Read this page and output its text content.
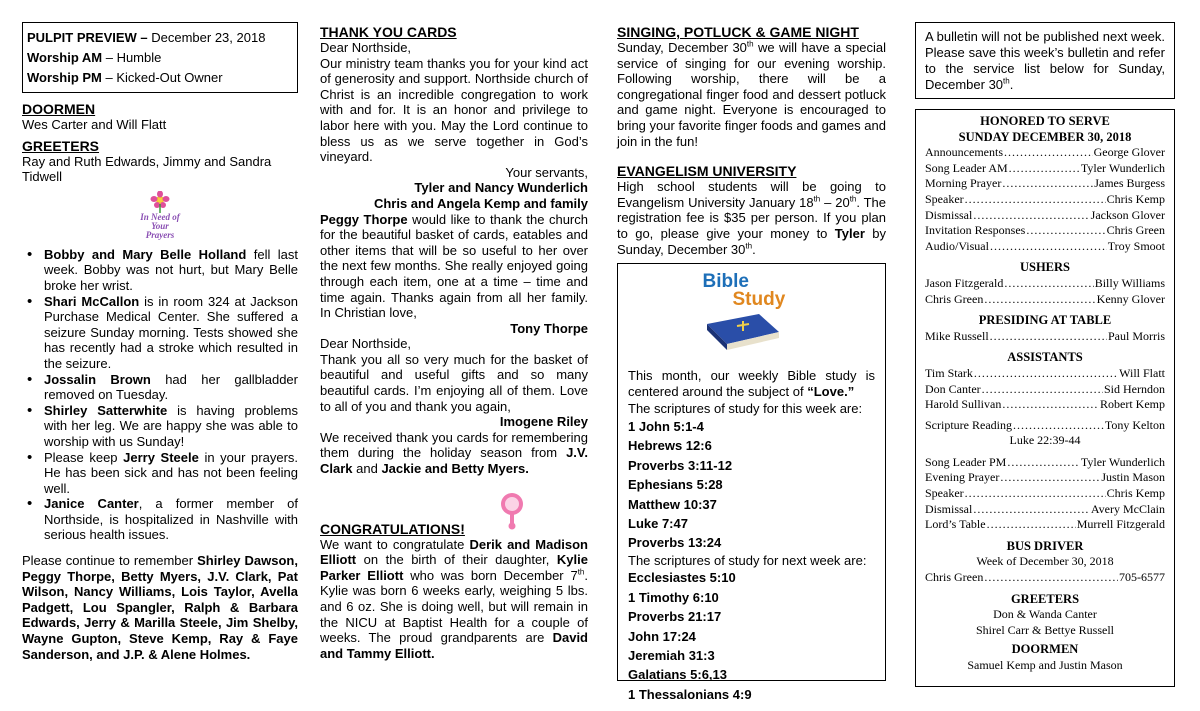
PULPIT PREVIEW – December 23, 2018
Worship AM – Humble
Worship PM – Kicked-Out Owner
DOORMEN
Wes Carter and Will Flatt
GREETERS
Ray and Ruth Edwards, Jimmy and Sandra Tidwell
In Need of Your Prayers
• Bobby and Mary Belle Holland fell last week. Bobby was not hurt, but Mary Belle broke her wrist.
• Shari McCallon is in room 324 at Jackson Purchase Medical Center. She suffered a seizure Sunday morning. Tests showed she has recently had a stroke which resulted in the seizure.
• Jossalin Brown had her gallbladder removed on Tuesday.
• Shirley Satterwhite is having problems with her leg. We are happy she was able to worship with us Sunday!
• Please keep Jerry Steele in your prayers. He has been sick and has not been feeling well.
• Janice Canter, a former member of Northside, is hospitalized in Nashville with serious health issues.
Please continue to remember Shirley Dawson, Peggy Thorpe, Betty Myers, J.V. Clark, Pat Wilson, Nancy Williams, Lois Taylor, Avella Padgett, Lou Spangler, Ralph & Barbara Edwards, Jerry & Marilla Steele, Jim Shelby, Wayne Gupton, Steve Kemp, Ray & Faye Sanderson, and J.P. & Alene Holmes.
THANK YOU CARDS
Dear Northside,
Our ministry team thanks you for your kind act of generosity and support. Northside church of Christ is an incredible congregation to work with and for. It is an honor and privilege to labor here with you. May the Lord continue to bless us as we serve together in God’s vineyard.
Your servants,
Tyler and Nancy Wunderlich
Chris and Angela Kemp and family
Peggy Thorpe would like to thank the church for the beautiful basket of cards, eatables and other items that will be so useful to her over the next few months. She really enjoyed going through each item, one at a time – time and time again. Thanks again from all her family. In Christian love,
Tony Thorpe
Dear Northside,
Thank you all so very much for the basket of beautiful and useful gifts and so many beautiful cards. I’m enjoying all of them. Love to all of you and thank you again,
Imogene Riley
We received thank you cards for remembering them during the holiday season from J.V. Clark and Jackie and Betty Myers.
CONGRATULATIONS!
We want to congratulate Derik and Madison Elliott on the birth of their daughter, Kylie Parker Elliott who was born December 7th. Kylie was born 6 weeks early, weighing 5 lbs. and 6 oz. She is doing well, but will remain in the NICU at Baptist Health for a couple of weeks. The proud grandparents are David and Tammy Elliott.
SINGING, POTLUCK & GAME NIGHT
Sunday, December 30th we will have a special service of singing for our evening worship. Following worship, there will be a congregational finger food and dessert potluck and game night. Everyone is encouraged to bring your favorite finger foods and games and join in the fun!
EVANGELISM UNIVERSITY
High school students will be going to Evangelism University January 18th – 20th. The registration fee is $35 per person. If you plan to go, please give your money to Tyler by Sunday, December 30th.
Bible
Study
This month, our weekly Bible study is centered around the subject of “Love.”
The scriptures of study for this week are:
1 John 5:1-4
Hebrews 12:6
Proverbs 3:11-12
Ephesians 5:28
Matthew 10:37
Luke 7:47
Proverbs 13:24
The scriptures of study for next week are:
Ecclesiastes 5:10
1 Timothy 6:10
Proverbs 21:17
John 17:24
Jeremiah 31:3
Galatians 5:6,13
1 Thessalonians 4:9
A bulletin will not be published next week. Please save this week’s bulletin and refer to the service list below for Sunday, December 30th.
HONORED TO SERVE
SUNDAY DECEMBER 30, 2018
Announcements .....	George Glover
Song Leader AM .....	Tyler Wunderlich
Morning Prayer .....	James Burgess
Speaker .....	Chris Kemp
Dismissal .....	Jackson Glover
Invitation Responses .....	Chris Green
Audio/Visual .....	Troy Smoot
USHERS
Jason Fitzgerald .....	Billy Williams
Chris Green .....	Kenny Glover
PRESIDING AT TABLE
Mike Russell .....	Paul Morris
ASSISTANTS
Tim Stark .....	Will Flatt
Don Canter .....	Sid Herndon
Harold Sullivan .....	Robert Kemp
Scripture Reading .....	Tony Kelton
Luke 22:39-44
Song Leader PM .....	Tyler Wunderlich
Evening Prayer .....	Justin Mason
Speaker .....	Chris Kemp
Dismissal .....	Avery McClain
Lord’s Table .....	Murrell Fitzgerald
BUS DRIVER
Week of December 30, 2018
Chris Green .....	705-6577
GREETERS
Don & Wanda Canter
Shirel Carr & Bettye Russell
DOORMEN
Samuel Kemp and Justin Mason
